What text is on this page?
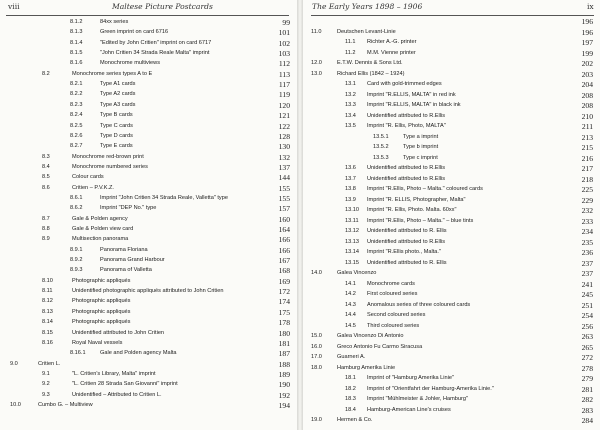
viii	Maltese Picture Postcards
8.1.2	84xx series	99
8.1.3	Green imprint on card 6716	101
8.1.4	"Edited by John Critien" imprint on card 6717	102
8.1.5	"John Critien 34 Strada Reale Malta" imprint	103
8.1.6	Monochrome multiviews	112
8.2	Monochrome series types A to E	113
8.2.1	Type A1 cards	117
8.2.2	Type A2 cards	119
8.2.3	Type A3 cards	120
8.2.4	Type B cards	121
8.2.5	Type C cards	122
8.2.6	Type D cards	128
8.2.7	Type E cards	130
8.3	Monochrome red-brown print	132
8.4	Monochrome numbered series	137
8.5	Colour cards	144
8.6	Critien – P.V.K.Z.	155
8.6.1	Imprint "John Critien 34 Strada Reale, Valletta" type	155
8.6.2	Imprint "DEP No." type	157
8.7	Gale & Polden agency	160
8.8	Gale & Polden view card	164
8.9	Multisection panorama	166
8.9.1	Panorama Floriana	166
8.9.2	Panorama Grand Harbour	167
8.9.3	Panorama of Valletta	168
8.10	Photographic appliqués	169
8.11	Unidentified photographic appliqués attributed to John Critien	172
8.12	Photographic appliqués	174
8.13	Photographic appliqués	175
8.14	Photographic appliqués	178
8.15	Unidentified attributed to John Critien	180
8.16	Royal Naval vessels	181
8.16.1	Gale and Polden agency Malta	187
9.0	Critien L.	188
9.1	"L. Critien's Library, Malta" imprint	189
9.2	"L. Critien 28 Strada San Giovanni" imprint	190
9.3	Unidentified – Attributed to Critien L.	192
10.0	Cumbo G. – Multiview	194
The Early Years 1898 – 1906	ix
196
11.0	Deutschen Levant-Linie	196
11.1 Richter A.-G. printer	197
11.2 M.M. Vienne printer	199
12.0	E.T.W. Dennis & Sons Ltd.	202
13.0	Richard Ellis (1842 – 1924)	203
13.1 Card with gold-trimmed edges	204
13.2 Imprint "R.ELLIS, MALTA" in red ink	208
13.3 Imprint "R.ELLIS, MALTA" in black ink	208
13.4 Unidentified attributed to R.Ellis	210
13.5 Imprint "R. Ellis, Photo, MALTA"	211
13.5.1	Type a imprint	213
13.5.2	Type b imprint	215
13.5.3	Type c imprint	216
13.6 Unidentified attributed to R.Ellis	217
13.7 Unidentified attributed to R.Ellis	218
13.8 Imprint "R.Ellis, Photo – Malta." coloured cards	225
13.9 Imprint "R. ELLIS, Photographer, Malta"	229
13.10 Imprint "R. Ellis, Photo. Malta. 60xx"	232
13.11 Imprint "R.Ellis, Photo – Malta." – blue tints	233
13.12 Unidentified attributed to R. Ellis	234
13.13 Unidentified attributed to R.Ellis	235
13.14 Imprint "R.Ellis photo., Malta."	236
13.15 Unidentified attributed to R. Ellis	237
14.0	Galea Vincenzo	237
14.1 Monochrome cards	241
14.2 First coloured series	245
14.3 Anomalous series of three coloured cards	251
14.4 Second coloured series	254
14.5 Third coloured series	256
15.0	Galea Vincenzo Di Antonio	263
16.0	Greco Antonio Fu Carmo Siracusa	265
17.0	Guarneri A.	272
18.0	Hamburg Amerika Linie	278
18.1 Imprint of "Hamburg Amerika Linie"	279
18.2 Imprint of "Orientfahrt der Hamburg-Amerika Linie."	281
18.3 Imprint "Mühlmeister & Johler, Hamburg"	282
18.4 Hamburg-American Line's cruises	283
19.0	Hermen & Co.	284
